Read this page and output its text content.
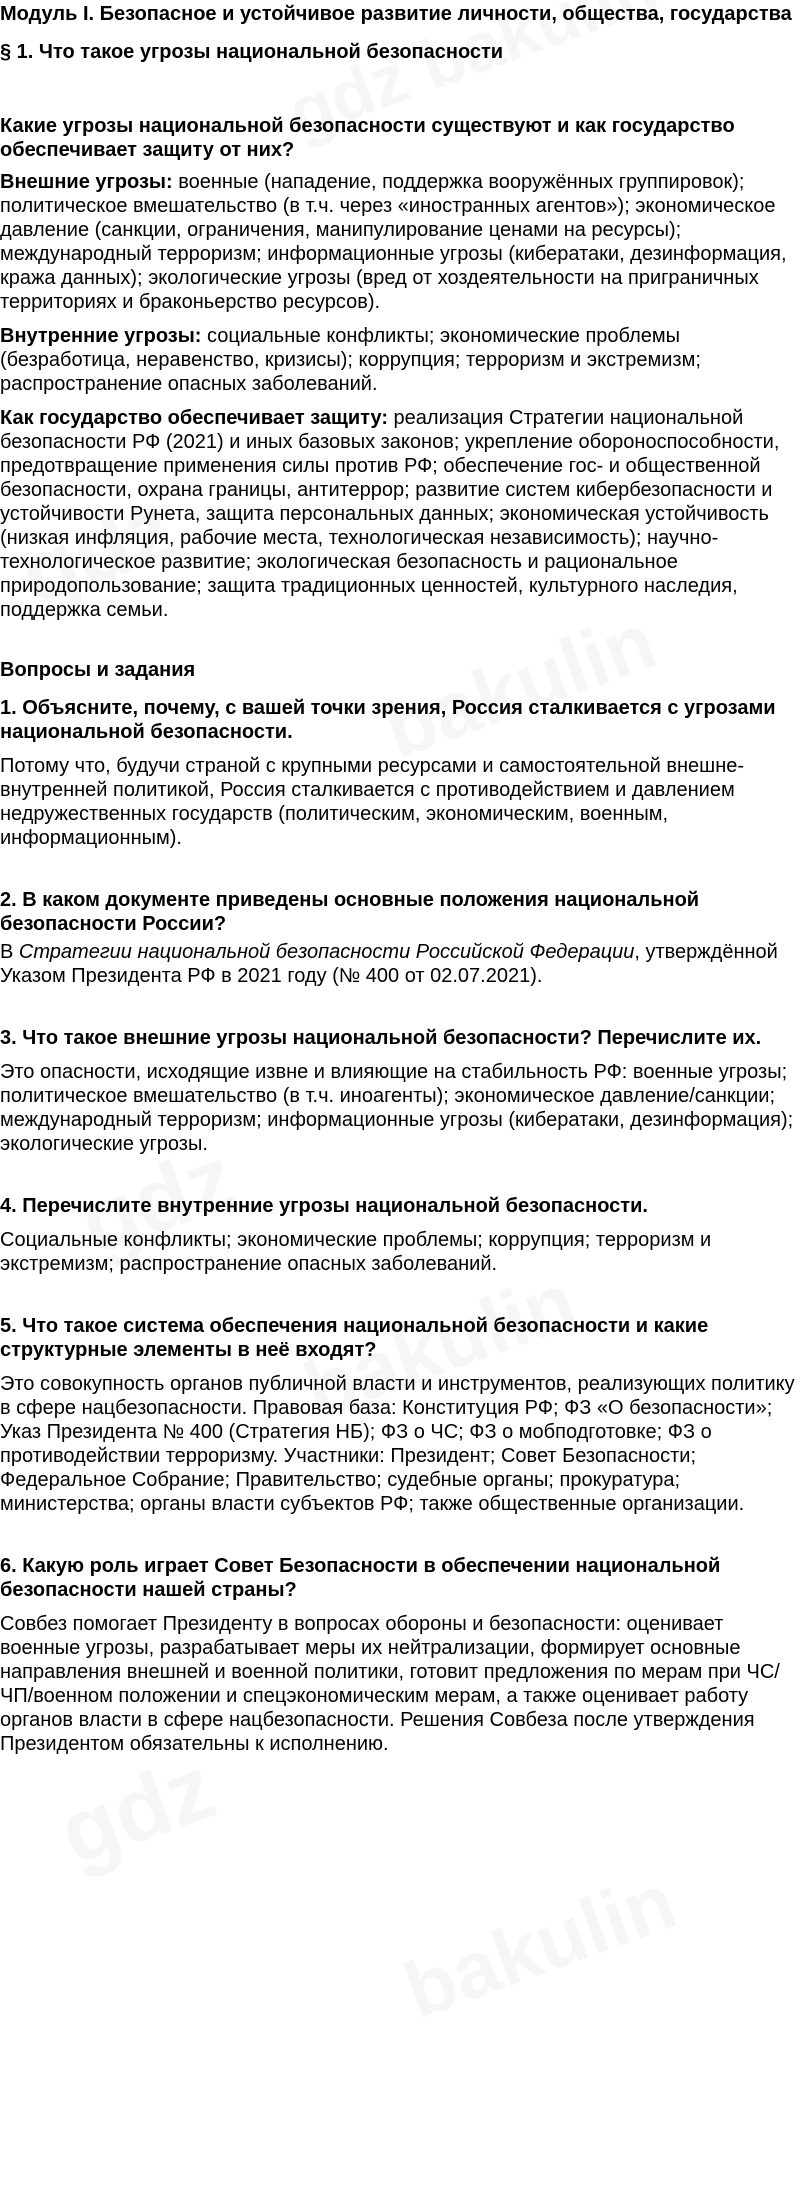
Модуль I. Безопасное и устойчивое развитие личности, общества, государства
§ 1. Что такое угрозы национальной безопасности
Какие угрозы национальной безопасности существуют и как государство обеспечивает защиту от них?

Внешние угрозы: военные (нападение, поддержка вооружённых группировок); политическое вмешательство (в т.ч. через «иностранных агентов»); экономическое давление (санкции, ограничения, манипулирование ценами на ресурсы); международный терроризм; информационные угрозы (кибератаки, дезинформация, кража данных); экологические угрозы (вред от хоздеятельности на приграничных территориях и браконьерство ресурсов).

Внутренние угрозы: социальные конфликты; экономические проблемы (безработица, неравенство, кризисы); коррупция; терроризм и экстремизм; распространение опасных заболеваний.

Как государство обеспечивает защиту: реализация Стратегии национальной безопасности РФ (2021) и иных базовых законов; укрепление обороноспособности, предотвращение применения силы против РФ; обеспечение гос- и общественной безопасности, охрана границы, антитеррор; развитие систем кибербезопасности и устойчивости Рунета, защита персональных данных; экономическая устойчивость (низкая инфляция, рабочие места, технологическая независимость); научно-технологическое развитие; экологическая безопасность и рациональное природопользование; защита традиционных ценностей, культурного наследия, поддержка семьи.

Вопросы и задания
1. Объясните, почему, с вашей точки зрения, Россия сталкивается с угрозами национальной безопасности.

Потому что, будучи страной с крупными ресурсами и самостоятельной внешне-внутренней политикой, Россия сталкивается с противодействием и давлением недружественных государств (политическим, экономическим, военным, информационным).

2. В каком документе приведены основные положения национальной безопасности России?

В Стратегии национальной безопасности Российской Федерации, утверждённой Указом Президента РФ в 2021 году (№ 400 от 02.07.2021).

3. Что такое внешние угрозы национальной безопасности? Перечислите их.

Это опасности, исходящие извне и влияющие на стабильность РФ: военные угрозы; политическое вмешательство (в т.ч. иноагенты); экономическое давление/санкции; международный терроризм; информационные угрозы (кибератаки, дезинформация); экологические угрозы.

4. Перечислите внутренние угрозы национальной безопасности.

Социальные конфликты; экономические проблемы; коррупция; терроризм и экстремизм; распространение опасных заболеваний.

5. Что такое система обеспечения национальной безопасности и какие структурные элементы в неё входят?

Это совокупность органов публичной власти и инструментов, реализующих политику в сфере нацбезопасности. Правовая база: Конституция РФ; ФЗ «О безопасности»; Указ Президента № 400 (Стратегия НБ); ФЗ о ЧС; ФЗ о мобподготовке; ФЗ о противодействии терроризму. Участники: Президент; Совет Безопасности; Федеральное Собрание; Правительство; судебные органы; прокуратура; министерства; органы власти субъектов РФ; также общественные организации.

6. Какую роль играет Совет Безопасности в обеспечении национальной безопасности нашей страны?

Совбез помогает Президенту в вопросах обороны и безопасности: оценивает военные угрозы, разрабатывает меры их нейтрализации, формирует основные направления внешней и военной политики, готовит предложения по мерам при ЧС/ЧП/военном положении и спецэкономическим мерам, а также оценивает работу органов власти в сфере нацбезопасности. Решения Совбеза после утверждения Президентом обязательны к исполнению.
